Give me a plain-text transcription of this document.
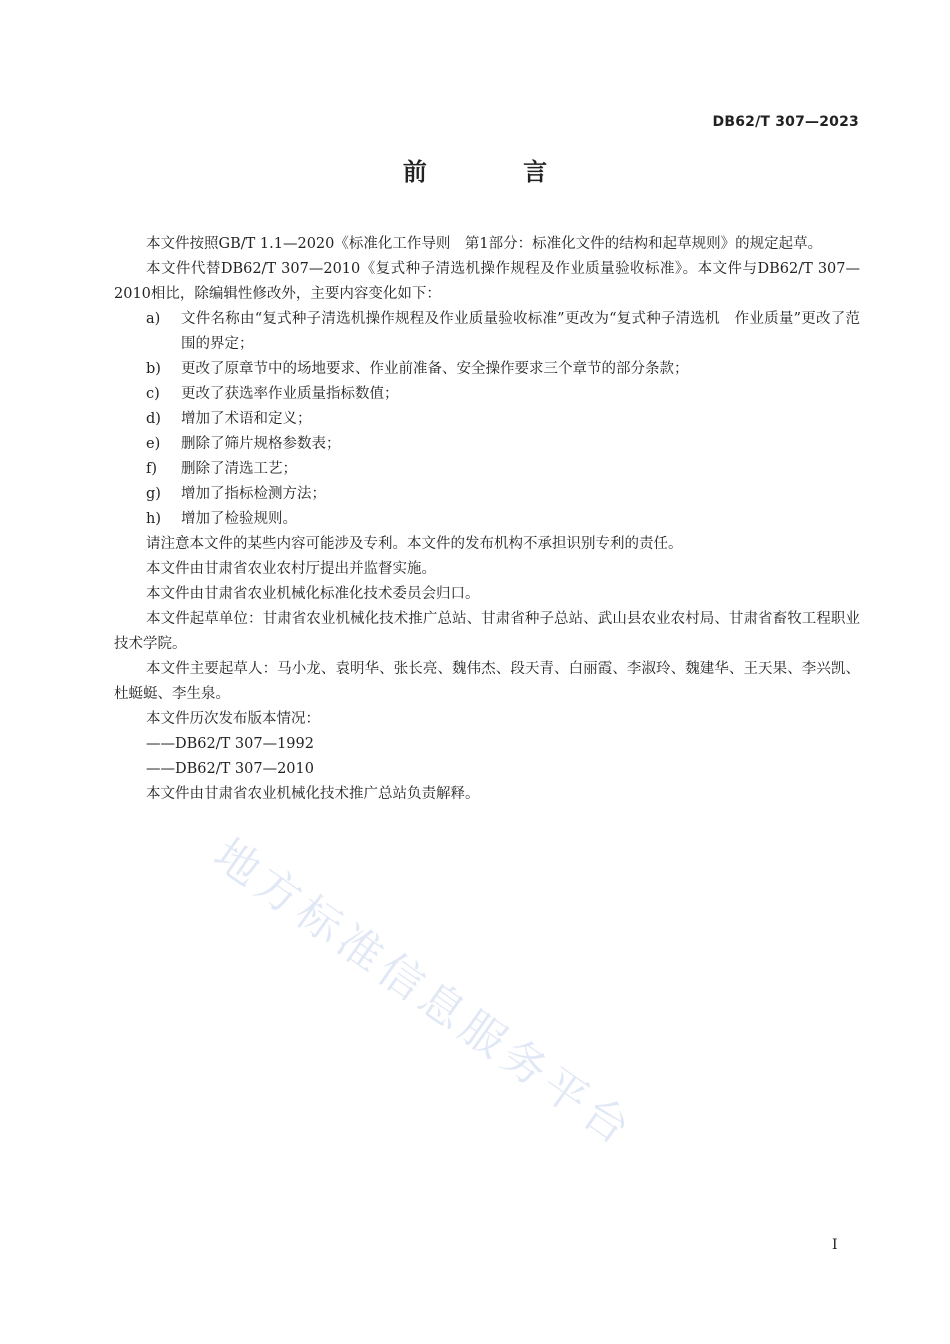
DB62/T 307—2023
前 言

本文件按照GB/T 1.1—2020《标准化工作导则　第1部分：标准化文件的结构和起草规则》的规定起草。

本文件代替DB62/T 307—2010《复式种子清选机操作规程及作业质量验收标准》。本文件与DB62/T 307—2010相比，除编辑性修改外，主要内容变化如下：

a)	文件名称由“复式种子清选机操作规程及作业质量验收标准”更改为“复式种子清选机　作业质量”更改了范围的界定；
b)	更改了原章节中的场地要求、作业前准备、安全操作要求三个章节的部分条款；
c)	更改了获选率作业质量指标数值；
d)	增加了术语和定义；
e)	删除了筛片规格参数表；
f)	删除了清选工艺；
g)	增加了指标检测方法；
h)	增加了检验规则。

请注意本文件的某些内容可能涉及专利。本文件的发布机构不承担识别专利的责任。

本文件由甘肃省农业农村厅提出并监督实施。

本文件由甘肃省农业机械化标准化技术委员会归口。

本文件起草单位：甘肃省农业机械化技术推广总站、甘肃省种子总站、武山县农业农村局、甘肃省畜牧工程职业技术学院。

本文件主要起草人：马小龙、袁明华、张长亮、魏伟杰、段天青、白丽霞、李淑玲、魏建华、王天果、李兴凯、杜蜓蜓、李生泉。

本文件历次发布版本情况：

——DB62/T 307—1992

——DB62/T 307—2010

本文件由甘肃省农业机械化技术推广总站负责解释。

地方标准信息服务平台
I
